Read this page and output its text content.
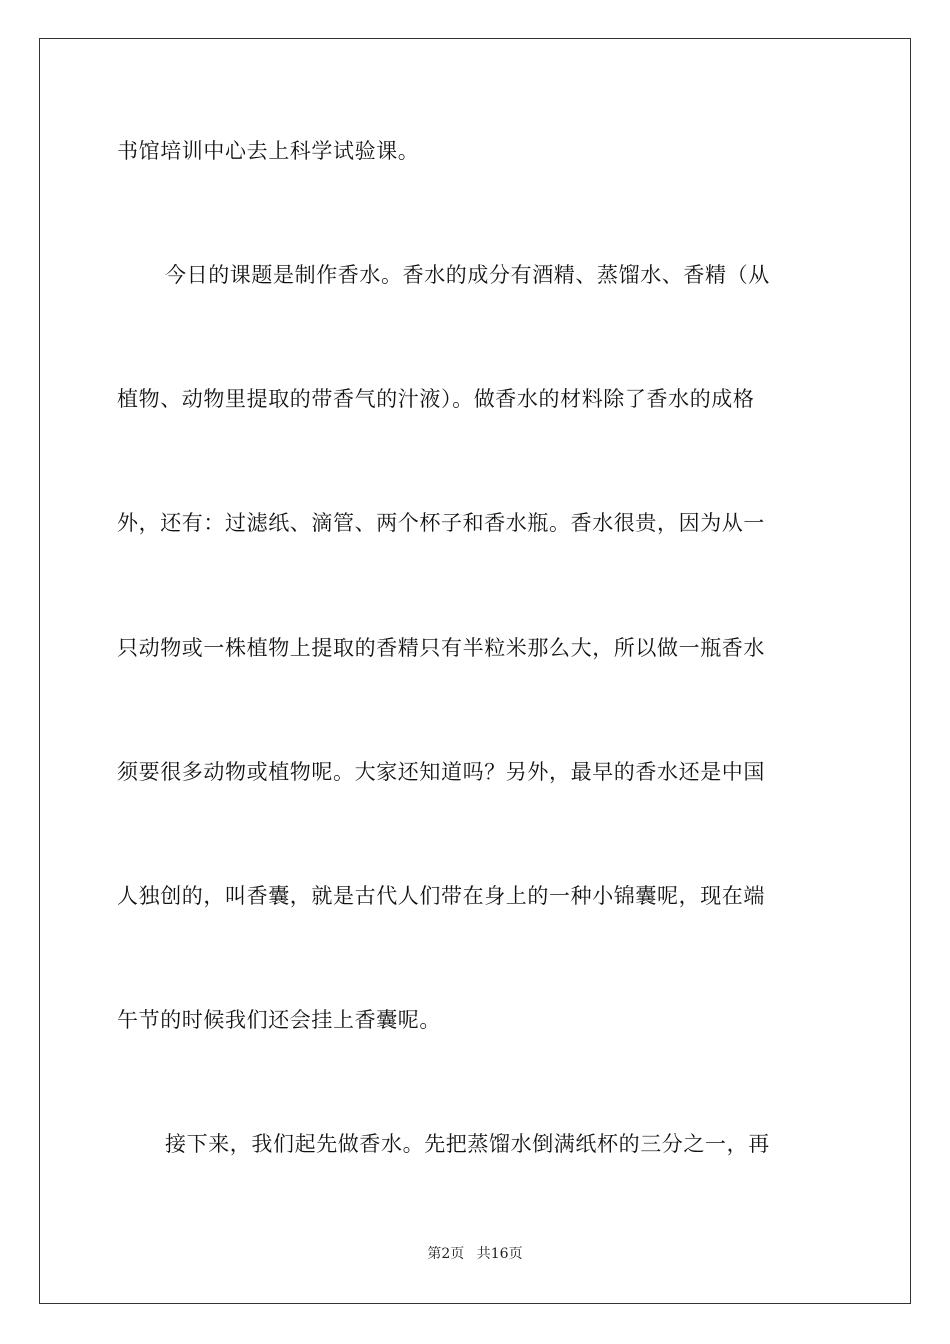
书馆培训中心去上科学试验课。
今日的课题是制作香水。香水的成分有酒精、蒸馏水、香精（从
植物、动物里提取的带香气的汁液）。做香水的材料除了香水的成格
外，还有：过滤纸、滴管、两个杯子和香水瓶。香水很贵，因为从一
只动物或一株植物上提取的香精只有半粒米那么大，所以做一瓶香水
须要很多动物或植物呢。大家还知道吗？另外，最早的香水还是中国
人独创的，叫香囊，就是古代人们带在身上的一种小锦囊呢，现在端
午节的时候我们还会挂上香囊呢。
接下来，我们起先做香水。先把蒸馏水倒满纸杯的三分之一，再
第2页 共16页
